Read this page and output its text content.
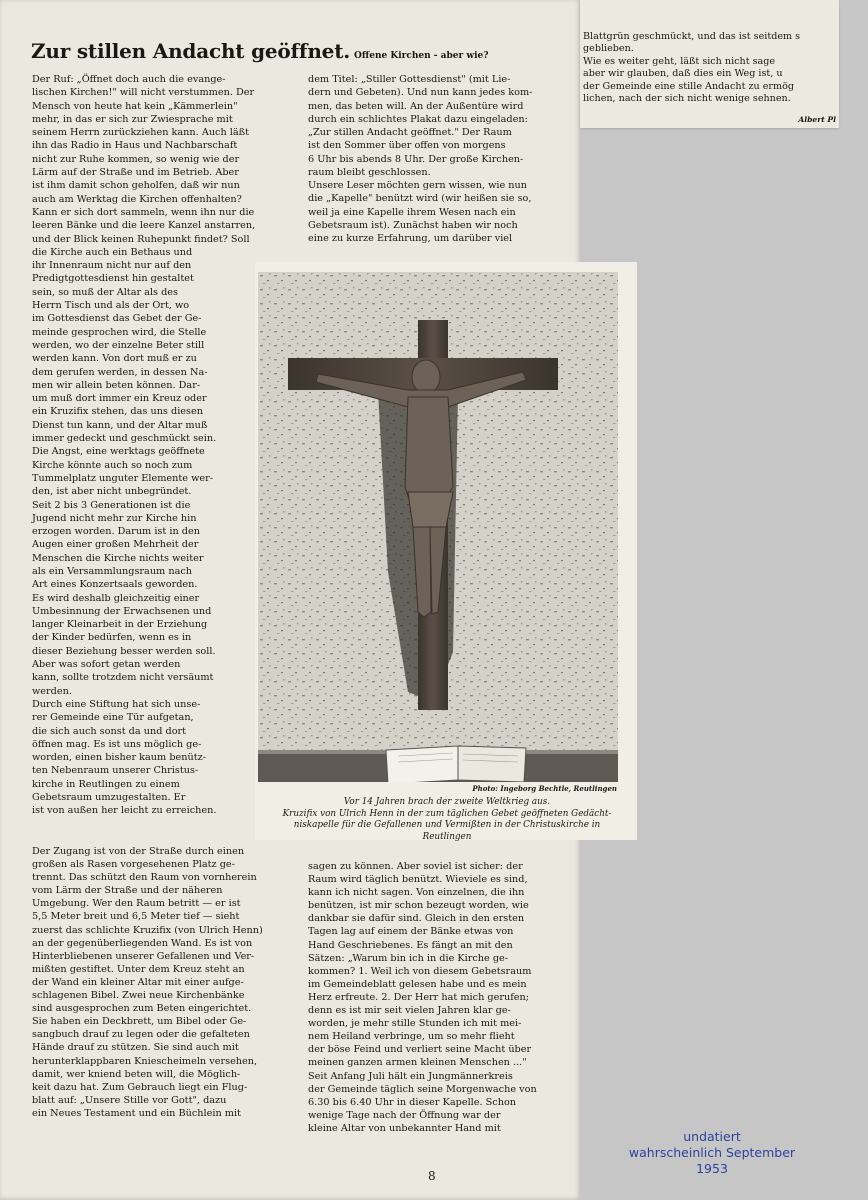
Zur stillen Andacht geöffnet. Offene Kirchen - aber wie?

Der Ruf: „Öffnet doch auch die evange-
lischen Kirchen!" will nicht verstummen. Der
Mensch von heute hat kein „Kämmerlein"
mehr, in das er sich zur Zwiesprache mit
seinem Herrn zurückziehen kann. Auch läßt
ihn das Radio in Haus und Nachbarschaft
nicht zur Ruhe kommen, so wenig wie der
Lärm auf der Straße und im Betrieb. Aber
ist ihm damit schon geholfen, daß wir nun
auch am Werktag die Kirchen offenhalten?
Kann er sich dort sammeln, wenn ihn nur die
leeren Bänke und die leere Kanzel anstarren,
und der Blick keinen Ruhepunkt findet? Soll
die Kirche auch ein Bethaus und
ihr Innenraum nicht nur auf den
Predigtgottesdienst hin gestaltet
sein, so muß der Altar als des
Herrn Tisch und als der Ort, wo
im Gottesdienst das Gebet der Ge-
meinde gesprochen wird, die Stelle
werden, wo der einzelne Beter still
werden kann. Von dort muß er zu
dem gerufen werden, in dessen Na-
men wir allein beten können. Dar-
um muß dort immer ein Kreuz oder
ein Kruzifix stehen, das uns diesen
Dienst tun kann, und der Altar muß
immer gedeckt und geschmückt sein.
Die Angst, eine werktags geöffnete
Kirche könnte auch so noch zum
Tummelplatz unguter Elemente wer-
den, ist aber nicht unbegründet.
Seit 2 bis 3 Generationen ist die
Jugend nicht mehr zur Kirche hin
erzogen worden. Darum ist in den
Augen einer großen Mehrheit der
Menschen die Kirche nichts weiter
als ein Versammlungsraum nach
Art eines Konzertsaals geworden.
Es wird deshalb gleichzeitig einer
Umbesinnung der Erwachsenen und
langer Kleinarbeit in der Erziehung
der Kinder bedürfen, wenn es in
dieser Beziehung besser werden soll.
Aber was sofort getan werden
kann, sollte trotzdem nicht versäumt
werden.
Durch eine Stiftung hat sich unse-
rer Gemeinde eine Tür aufgetan,
die sich auch sonst da und dort
öffnen mag. Es ist uns möglich ge-
worden, einen bisher kaum benütz-
ten Nebenraum unserer Christus-
kirche in Reutlingen zu einem
Gebetsraum umzugestalten. Er
ist von außen her leicht zu erreichen.

dem Titel: „Stiller Gottesdienst" (mit Lie-
dern und Gebeten). Und nun kann jedes kom-
men, das beten will. An der Außentüre wird
durch ein schlichtes Plakat dazu eingeladen:
„Zur stillen Andacht geöffnet." Der Raum
ist den Sommer über offen von morgens
6 Uhr bis abends 8 Uhr. Der große Kirchen-
raum bleibt geschlossen.
Unsere Leser möchten gern wissen, wie nun
die „Kapelle" benützt wird (wir heißen sie so,
weil ja eine Kapelle ihrem Wesen nach ein
Gebetsraum ist). Zunächst haben wir noch
eine zu kurze Erfahrung, um darüber viel

Der Zugang ist von der Straße durch einen
großen als Rasen vorgesehenen Platz ge-
trennt. Das schützt den Raum von vornherein
vom Lärm der Straße und der näheren
Umgebung. Wer den Raum betritt — er ist
5,5 Meter breit und 6,5 Meter tief — sieht
zuerst das schlichte Kruzifix (von Ulrich Henn)
an der gegenüberliegenden Wand. Es ist von
Hinterbliebenen unserer Gefallenen und Ver-
mißten gestiftet. Unter dem Kreuz steht an
der Wand ein kleiner Altar mit einer aufge-
schlagenen Bibel. Zwei neue Kirchenbänke
sind ausgesprochen zum Beten eingerichtet.
Sie haben ein Deckbrett, um Bibel oder Ge-
sangbuch drauf zu legen oder die gefalteten
Hände drauf zu stützen. Sie sind auch mit
herunterklappbaren Kniescheimeln versehen,
damit, wer kniend beten will, die Möglich-
keit dazu hat. Zum Gebrauch liegt ein Flug-
blatt auf: „Unsere Stille vor Gott", dazu
ein Neues Testament und ein Büchlein mit

sagen zu können. Aber soviel ist sicher: der
Raum wird täglich benützt. Wieviele es sind,
kann ich nicht sagen. Von einzelnen, die ihn
benützen, ist mir schon bezeugt worden, wie
dankbar sie dafür sind. Gleich in den ersten
Tagen lag auf einem der Bänke etwas von
Hand Geschriebenes. Es fängt an mit den
Sätzen: „Warum bin ich in die Kirche ge-
kommen? 1. Weil ich von diesem Gebetsraum
im Gemeindeblatt gelesen habe und es mein
Herz erfreute. 2. Der Herr hat mich gerufen;
denn es ist mir seit vielen Jahren klar ge-
worden, je mehr stille Stunden ich mit mei-
nem Heiland verbringe, um so mehr flieht
der böse Feind und verliert seine Macht über
meinen ganzen armen kleinen Menschen ..."
Seit Anfang Juli hält ein Jungmännerkreis
der Gemeinde täglich seine Morgenwache von
6.30 bis 6.40 Uhr in dieser Kapelle. Schon
wenige Tage nach der Öffnung war der
kleine Altar von unbekannter Hand mit

8

Photo: Ingeborg Bechtle, Reutlingen

Vor 14 Jahren brach der zweite Weltkrieg aus.
Kruzifix von Ulrich Henn in der zum täglichen Gebet geöffneten Gedächt-
niskapelle für die Gefallenen und Vermißten in der Christuskirche in
Reutlingen

Blattgrün geschmückt, und das ist seitdem s
geblieben.
Wie es weiter geht, läßt sich nicht sage
aber wir glauben, daß dies ein Weg ist, u
der Gemeinde eine stille Andacht zu ermög
lichen, nach der sich nicht wenige sehnen.

Albert Pl

undatiert
wahrscheinlich September 1953
